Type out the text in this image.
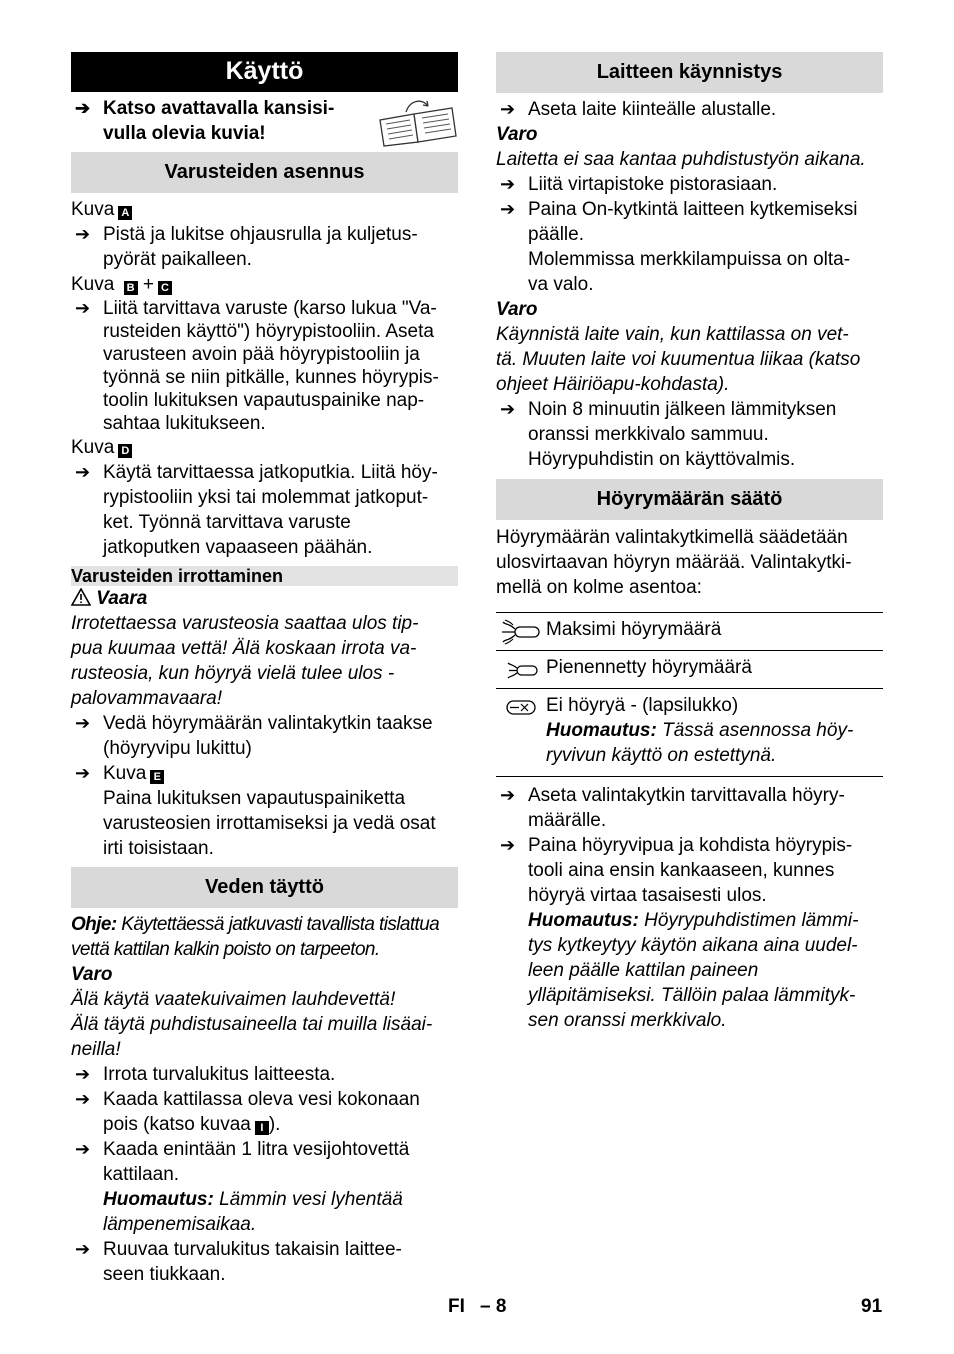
Käyttö
➔ Katso avattavalla kansisi-
vulla olevia kuvia!
Varusteiden asennus
Kuva A
➔ Pistä ja lukitse ohjausrulla ja kuljetus-
pyörät paikalleen.
Kuva B + C
➔ Liitä tarvittava varuste (karso lukua "Va-
rusteiden käyttö") höyrypistooliin. Aseta
varusteen avoin pää höyrypistooliin ja
työnnä se niin pitkälle, kunnes höyrypis-
toolin lukituksen vapautuspainike nap-
sahtaa lukitukseen.
Kuva D
➔ Käytä tarvittaessa jatkoputkia. Liitä höy-
rypistooliin yksi tai molemmat jatkoput-
ket. Työnnä tarvittava varuste
jatkoputken vapaaseen päähän.
Varusteiden irrottaminen
Vaara
Irrotettaessa varusteosia saattaa ulos tip-
pua kuumaa vettä! Älä koskaan irrota va-
rusteosia, kun höyryä vielä tulee ulos -
palovammavaara!
➔ Vedä höyrymäärän valintakytkin taakse
(höyryvipu lukittu)
➔ Kuva E
Paina lukituksen vapautuspainiketta
varusteosien irrottamiseksi ja vedä osat
irti toisistaan.
Veden täyttö
Ohje: Käytettäessä jatkuvasti tavallista tislattua
vettä kattilan kalkin poisto on tarpeeton.
Varo
Älä käytä vaatekuivaimen lauhdevettä!
Älä täytä puhdistusaineella tai muilla lisäai-
neilla!
➔ Irrota turvalukitus laitteesta.
➔ Kaada kattilassa oleva vesi kokonaan
pois (katso kuvaa I ).
➔ Kaada enintään 1 litra vesijohtovettä
kattilaan.
Huomautus: Lämmin vesi lyhentää
lämpenemisaikaa.
➔ Ruuvaa turvalukitus takaisin laittee-
seen tiukkaan.
Laitteen käynnistys
➔ Aseta laite kiinteälle alustalle.
Varo
Laitetta ei saa kantaa puhdistustyön aikana.
➔ Liitä virtapistoke pistorasiaan.
➔ Paina On-kytkintä laitteen kytkemiseksi
päälle.
Molemmissa merkkilampuissa on olta-
va valo.
Varo
Käynnistä laite vain, kun kattilassa on vet-
tä. Muuten laite voi kuumentua liikaa (katso
ohjeet Häiriöapu-kohdasta).
➔ Noin 8 minuutin jälkeen lämmityksen
oranssi merkkivalo sammuu.
Höyrypuhdistin on käyttövalmis.
Höyrymäärän säätö
Höyrymäärän valintakytkimellä säädetään
ulosvirtaavan höyryn määrää. Valintakytki-
mellä on kolme asentoa:
Maksimi höyrymäärä
Pienennetty höyrymäärä
Ei höyryä - (lapsilukko)
Huomautus: Tässä asennossa höy-
ryvivun käyttö on estettynä.
➔ Aseta valintakytkin tarvittavalla höyry-
määrälle.
➔ Paina höyryvipua ja kohdista höyrypis-
tooli aina ensin kankaaseen, kunnes
höyryä virtaa tasaisesti ulos.
Huomautus: Höyrypuhdistimen lämmi-
tys kytkeytyy käytön aikana aina uudel-
leen päälle kattilan paineen
ylläpitämiseksi. Tällöin palaa lämmityk-
sen oranssi merkkivalo.
FI – 8	91
